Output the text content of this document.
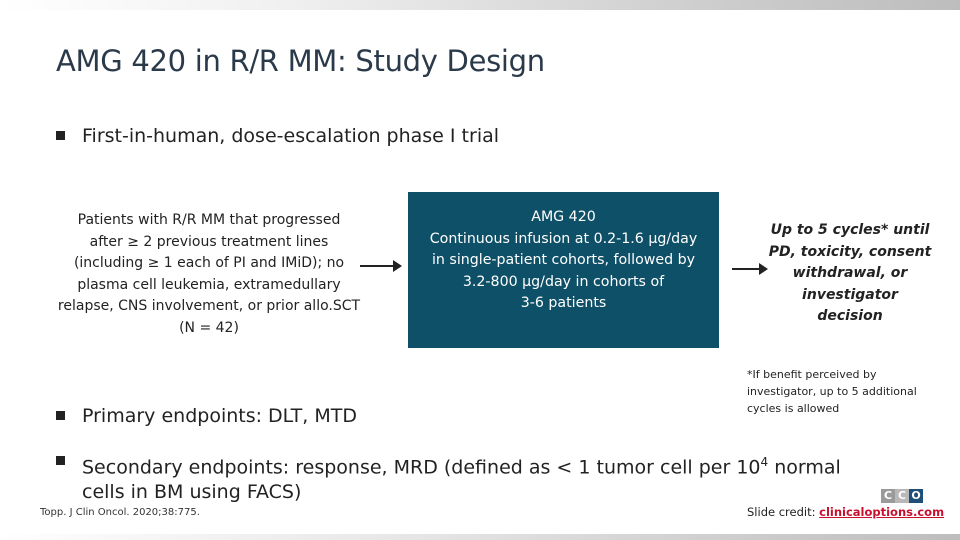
AMG 420 in R/R MM: Study Design
First-in-human, dose-escalation phase I trial
Patients with R/R MM that progressed
after ≥ 2 previous treatment lines
(including ≥ 1 each of PI and IMiD); no
plasma cell leukemia, extramedullary
relapse, CNS involvement, or prior allo.SCT
(N = 42)
AMG 420
Continuous infusion at 0.2-1.6 µg/day
in single-patient cohorts, followed by
3.2-800 µg/day in cohorts of
3-6 patients
Up to 5 cycles* until
PD, toxicity, consent
withdrawal, or
investigator decision
*If benefit perceived by
investigator, up to 5 additional
cycles is allowed
Primary endpoints: DLT, MTD
Secondary endpoints: response, MRD (defined as < 1 tumor cell per $10^4$ normal
cells in BM using FACS)
Topp. J Clin Oncol. 2020;38:775.
C C O
Slide credit: clinicaloptions.com
